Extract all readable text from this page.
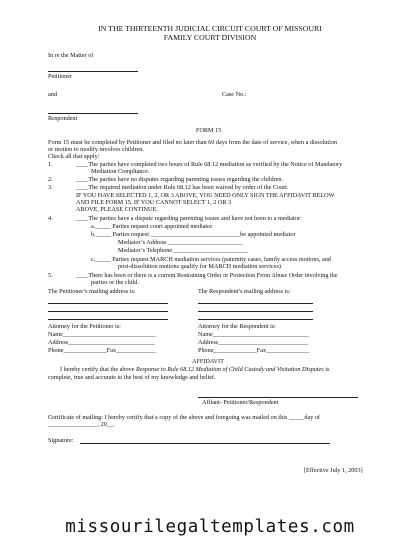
IN THE THIRTEENTH JUDICIAL CIRCUIT COURT OF MISSOURI
FAMILY COURT DIVISION
In re the Matter of
Petitioner
and	Case No.:
Respondent
FORM 15
Form 15 must be completed by Petitioner and filed no later than 60 days from the date of service, when a dissolution
or motion to modify involves children.
Check all that apply:
1.	____The parties have completed two hours of Rule 68.12 mediation as verified by the Notice of Mandatory
Mediation Compliance.
2.	____The parties have no disputes regarding parenting issues regarding the children.
3.	____The required mediation under Rule 68.12 has been waived by order of the Court.
IF YOU HAVE SELECTED 1, 2, OR 3 ABOVE, YOU NEED ONLY SIGN THE AFFIDAVIT BELOW
AND FILE FORM 15. IF YOU CANNOT SELECT 1, 2 OR 3
ABOVE, PLEASE CONTINUE.
4.	____The parties have a dispute regarding parenting issues and have not been to a mediator:
a._____ Parties request court appointed mediator
b._____ Parties request _____________________________be appointed mediator
Mediator’s Address ________________________
Mediator’s Telephone ________________________
c._____ Parties request MARCH mediation services (paternity cases, family access motions, and
post-dissolution motions qualify for MARCH mediation services)
5.	____There has been or there is a current Restraining Order or Protection From Abuse Order involving the
parties or the child.
The Petitioner’s mailing address is:	The Respondent’s mailing address is:
Attorney for the Petitioner is:	Attorney for the Respondent is:
Name______________________________	Name_______________________________
Address____________________________	Address_____________________________
Phone______________Fax_____________	Phone______________Fax______________
AFFIDAVIT
I hereby certify that the above Response to Rule 68.12 Mediation of Child Custody and Visitation Disputes is
complete, true and accurate to the best of my knowledge and belief.
Affiant- Petitioner/Respondent
Certificate of mailing: I hereby certify that a copy of the above and foregoing was mailed on this _____day of
________________, 20__.
Signature:
[Effective July 1, 2003]
missourilegaltemplates.com
